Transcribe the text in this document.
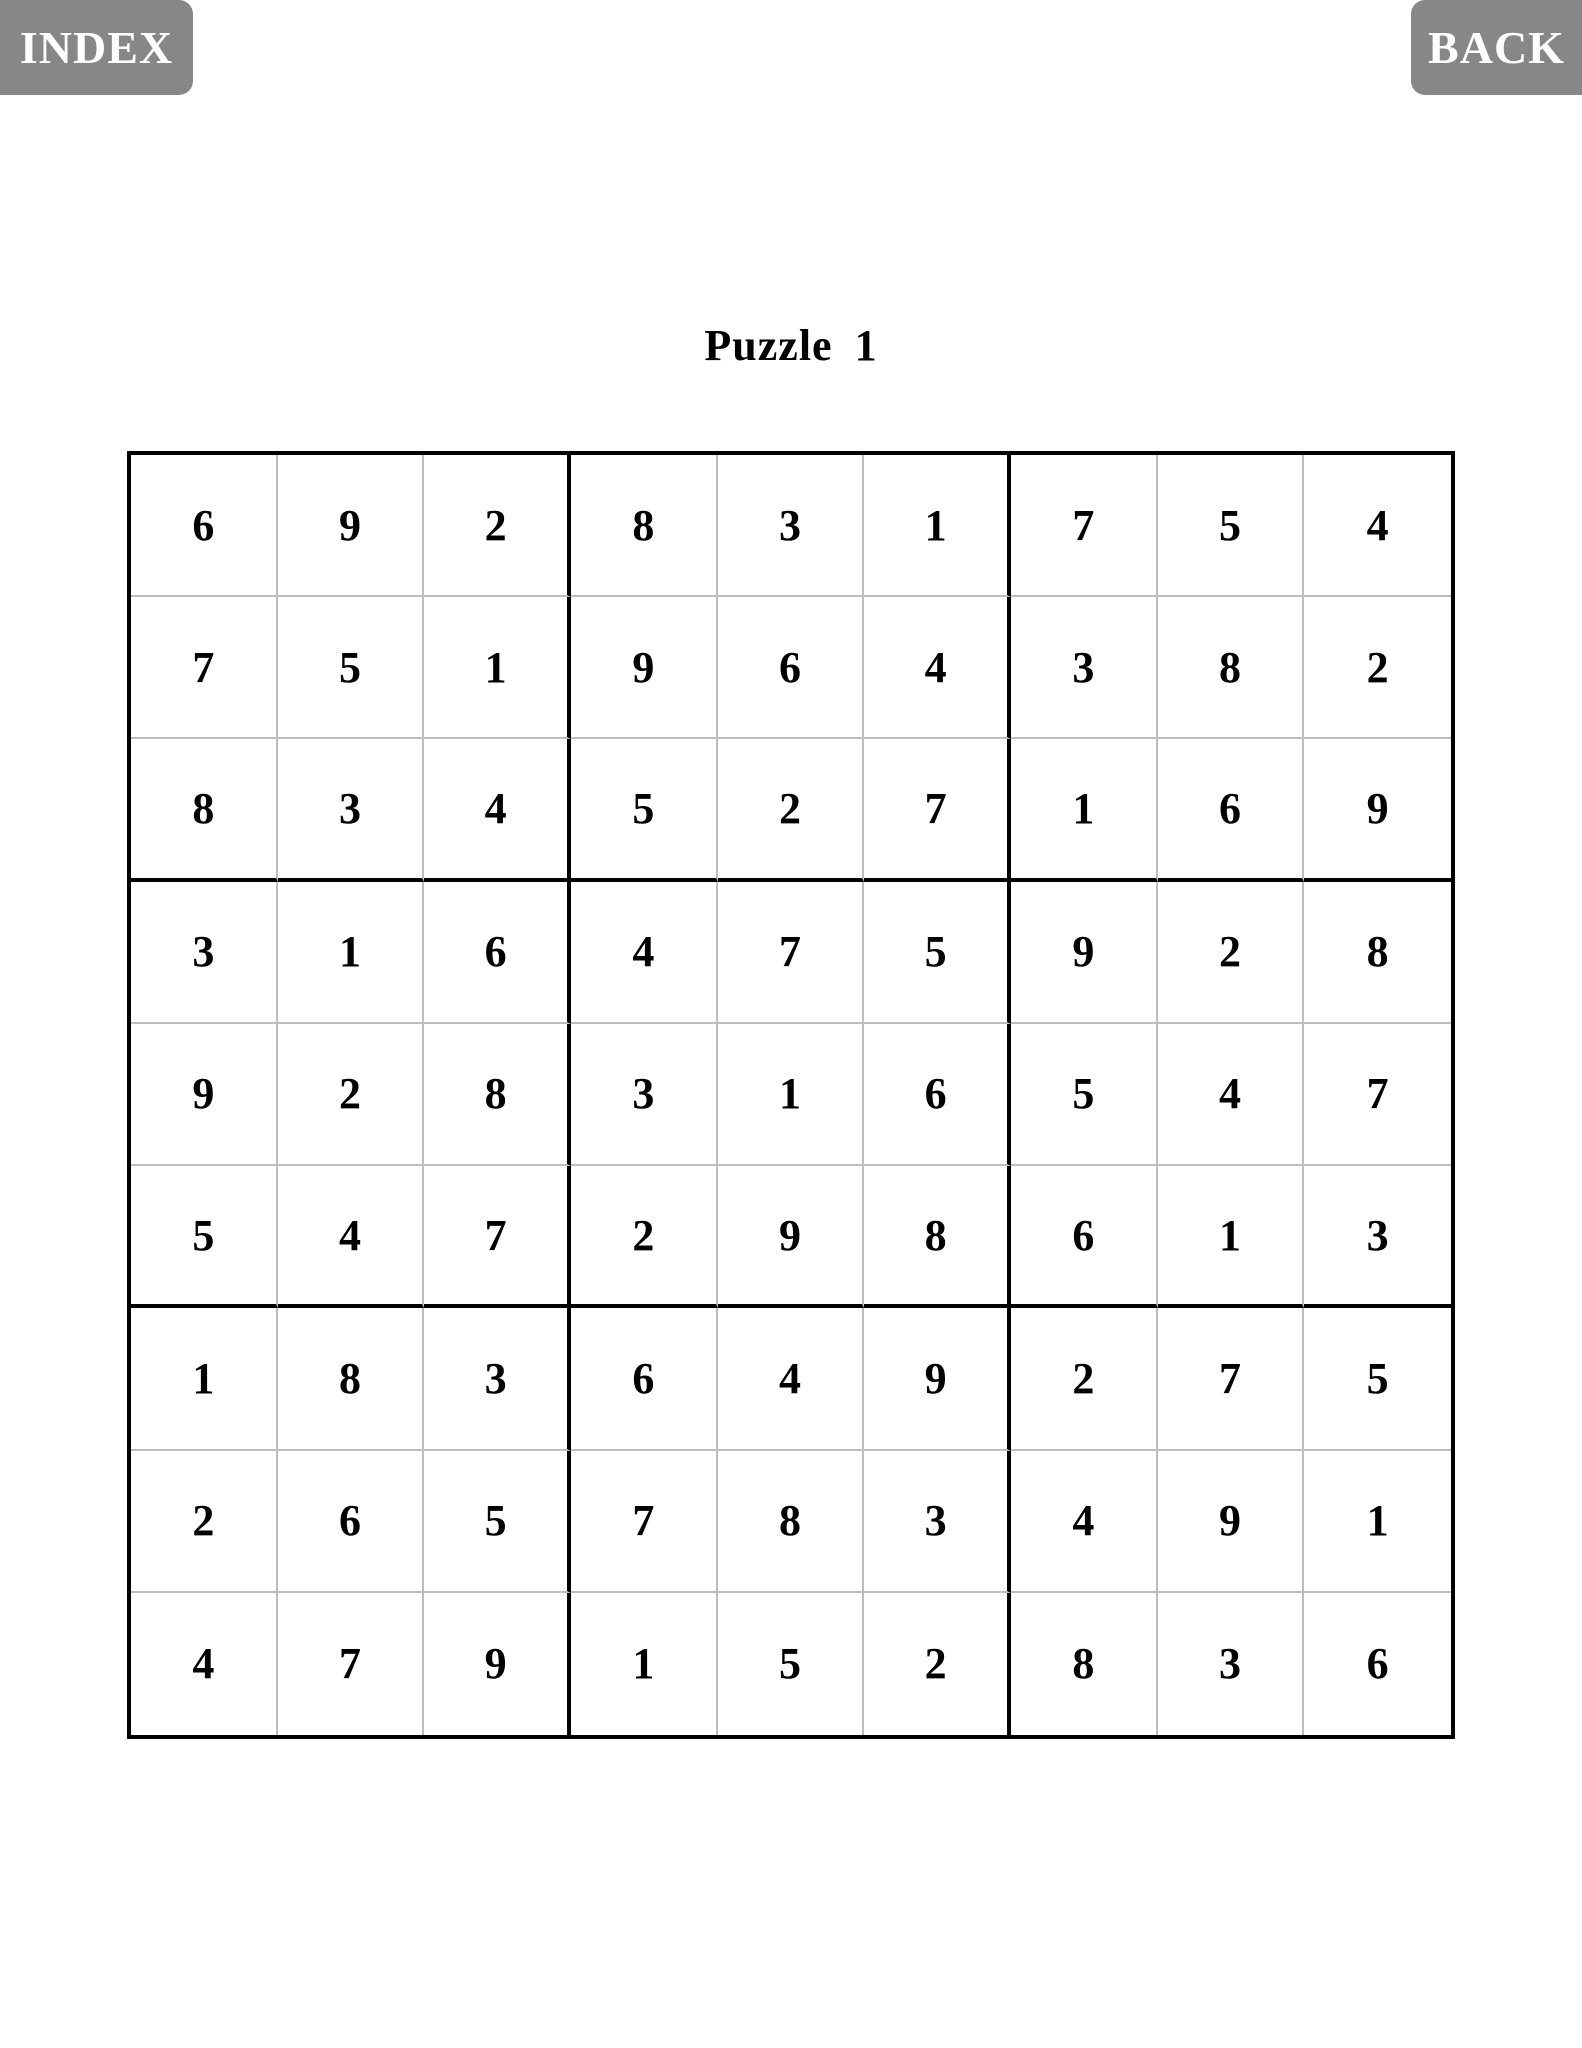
INDEX	BACK
Puzzle 1
6	9	2	8	3	1	7	5	4
7	5	1	9	6	4	3	8	2
8	3	4	5	2	7	1	6	9
3	1	6	4	7	5	9	2	8
9	2	8	3	1	6	5	4	7
5	4	7	2	9	8	6	1	3
1	8	3	6	4	9	2	7	5
2	6	5	7	8	3	4	9	1
4	7	9	1	5	2	8	3	6
